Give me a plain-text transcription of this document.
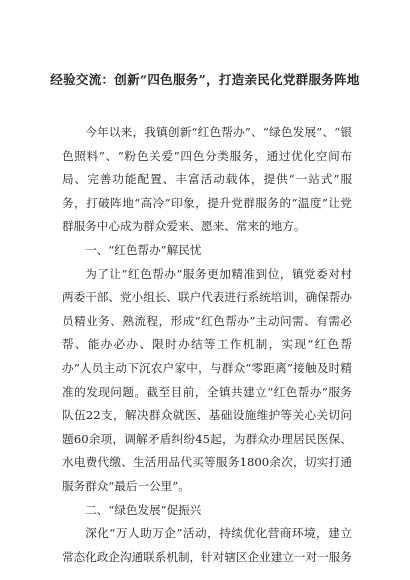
经验交流：创新“四色服务”，打造亲民化党群服务阵地

今年以来，我镇创新“红色帮办”、“绿色发展”、“银色照料”、“粉色关爱”四色分类服务，通过优化空间布局、完善功能配置、丰富活动载体，提供“一站式”服务，打破阵地“高冷”印象，提升党群服务的“温度”让党群服务中心成为群众爱来、愿来、常来的地方。

一、“红色帮办”解民忧

为了让“红色帮办”服务更加精准到位，镇党委对村两委干部、党小组长、联户代表进行系统培训，确保帮办员精业务、熟流程，形成“红色帮办”主动问需、有需必帮、能办必办、限时办结等工作机制，实现“红色帮办”人员主动下沉农户家中，与群众“零距离”接触及时精准的发现问题。截至目前，全镇共建立“红色帮办”服务队伍22支，解决群众就医、基础设施维护等关心关切问题60余项，调解矛盾纠纷45起，为群众办理居民医保、水电费代缴、生活用品代买等服务1800余次，切实打通服务群众“最后一公里”。

二、“绿色发展”促振兴

深化“万人助万企”活动，持续优化营商环境，建立常态化政企沟通联系机制，针对辖区企业建立一对一服务
